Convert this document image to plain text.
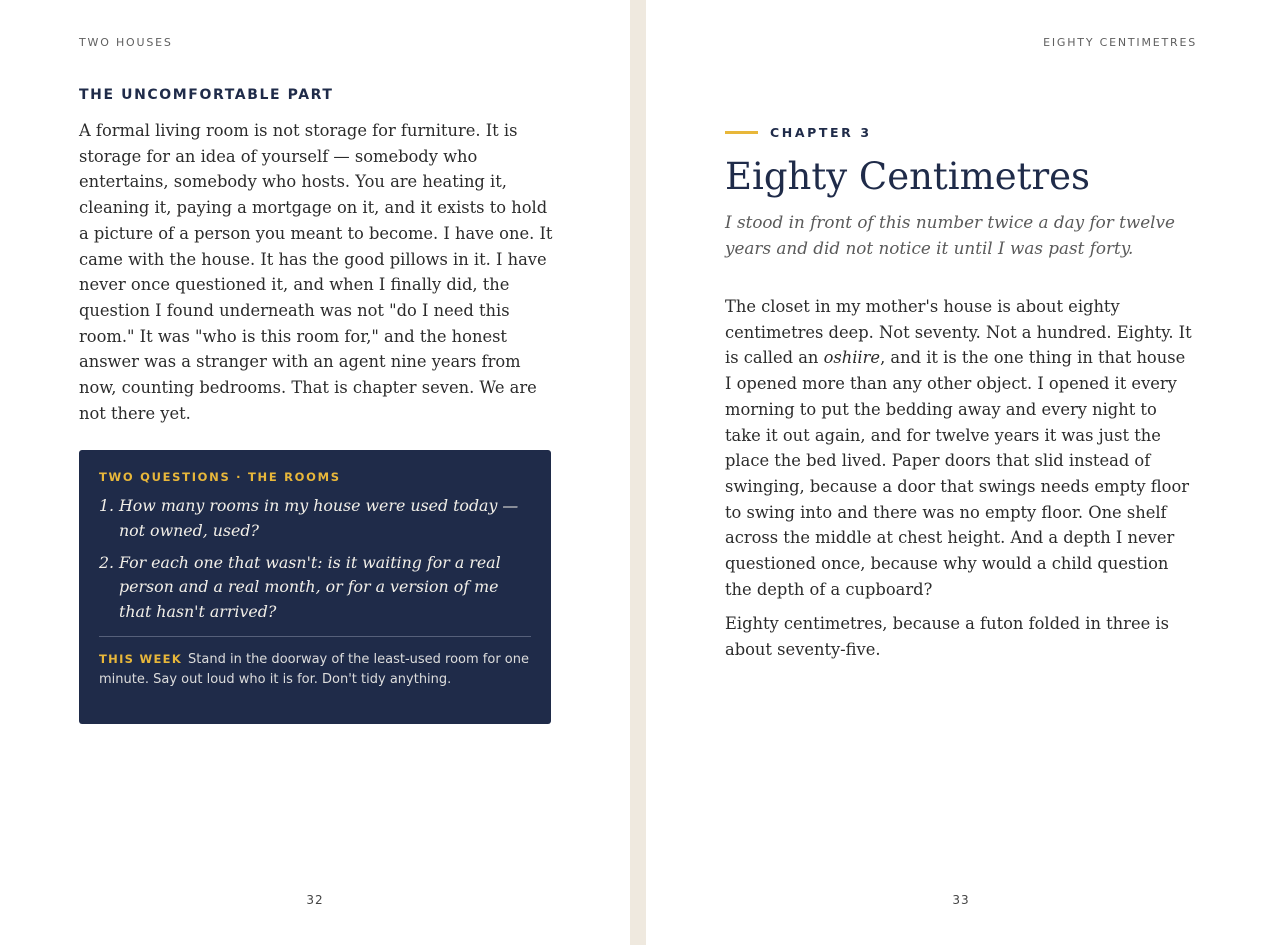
TWO HOUSES
THE UNCOMFORTABLE PART

A formal living room is not storage for furniture. It is storage for an idea of yourself — somebody who entertains, somebody who hosts. You are heating it, cleaning it, paying a mortgage on it, and it exists to hold a picture of a person you meant to become. I have one. It came with the house. It has the good pillows in it. I have never once questioned it, and when I finally did, the question I found underneath was not "do I need this room." It was "who is this room for," and the honest answer was a stranger with an agent nine years from now, counting bedrooms. That is chapter seven. We are not there yet.

TWO QUESTIONS · THE ROOMS
1. How many rooms in my house were used today — not owned, used?
2. For each one that wasn't: is it waiting for a real person and a real month, or for a version of me that hasn't arrived?

THIS WEEK Stand in the doorway of the least-used room for one minute. Say out loud who it is for. Don't tidy anything.

32
EIGHTY CENTIMETRES
CHAPTER 3
Eighty Centimetres

I stood in front of this number twice a day for twelve years and did not notice it until I was past forty.

The closet in my mother's house is about eighty centimetres deep. Not seventy. Not a hundred. Eighty. It is called an oshiire, and it is the one thing in that house I opened more than any other object. I opened it every morning to put the bedding away and every night to take it out again, and for twelve years it was just the place the bed lived. Paper doors that slid instead of swinging, because a door that swings needs empty floor to swing into and there was no empty floor. One shelf across the middle at chest height. And a depth I never questioned once, because why would a child question the depth of a cupboard?

Eighty centimetres, because a futon folded in three is about seventy-five.

33
